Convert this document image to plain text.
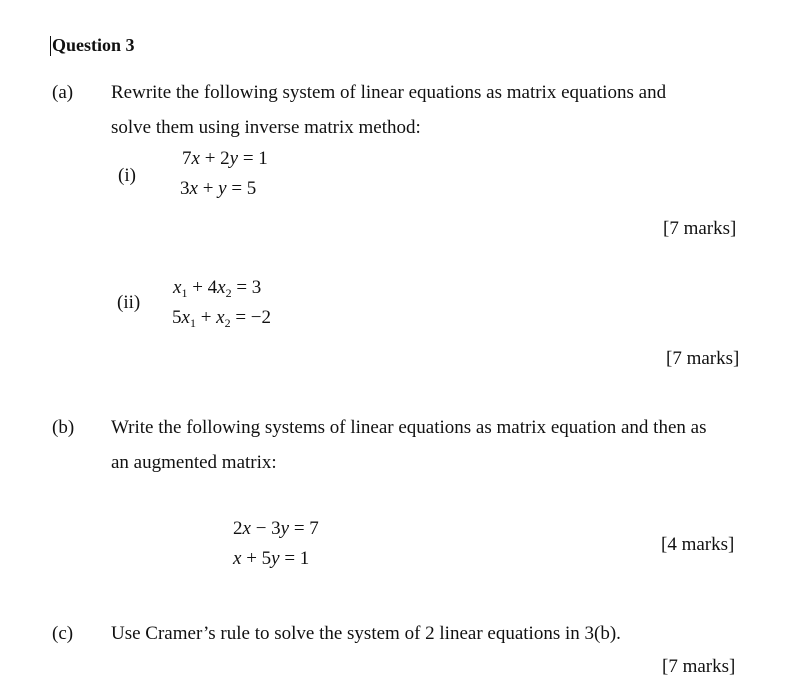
Question 3
(a) Rewrite the following system of linear equations as matrix equations and
solve them using inverse matrix method:
(i)
7x + 2y = 1
3x + y = 5
[7 marks]
(ii)
$x_1 + 4x_2 = 3$
$5x_1 + x_2 = -2$
[7 marks]
(b) Write the following systems of linear equations as matrix equation and then as
an augmented matrix:
2x − 3y = 7
x + 5y = 1
[4 marks]
(c) Use Cramer’s rule to solve the system of 2 linear equations in 3(b).
[7 marks]
